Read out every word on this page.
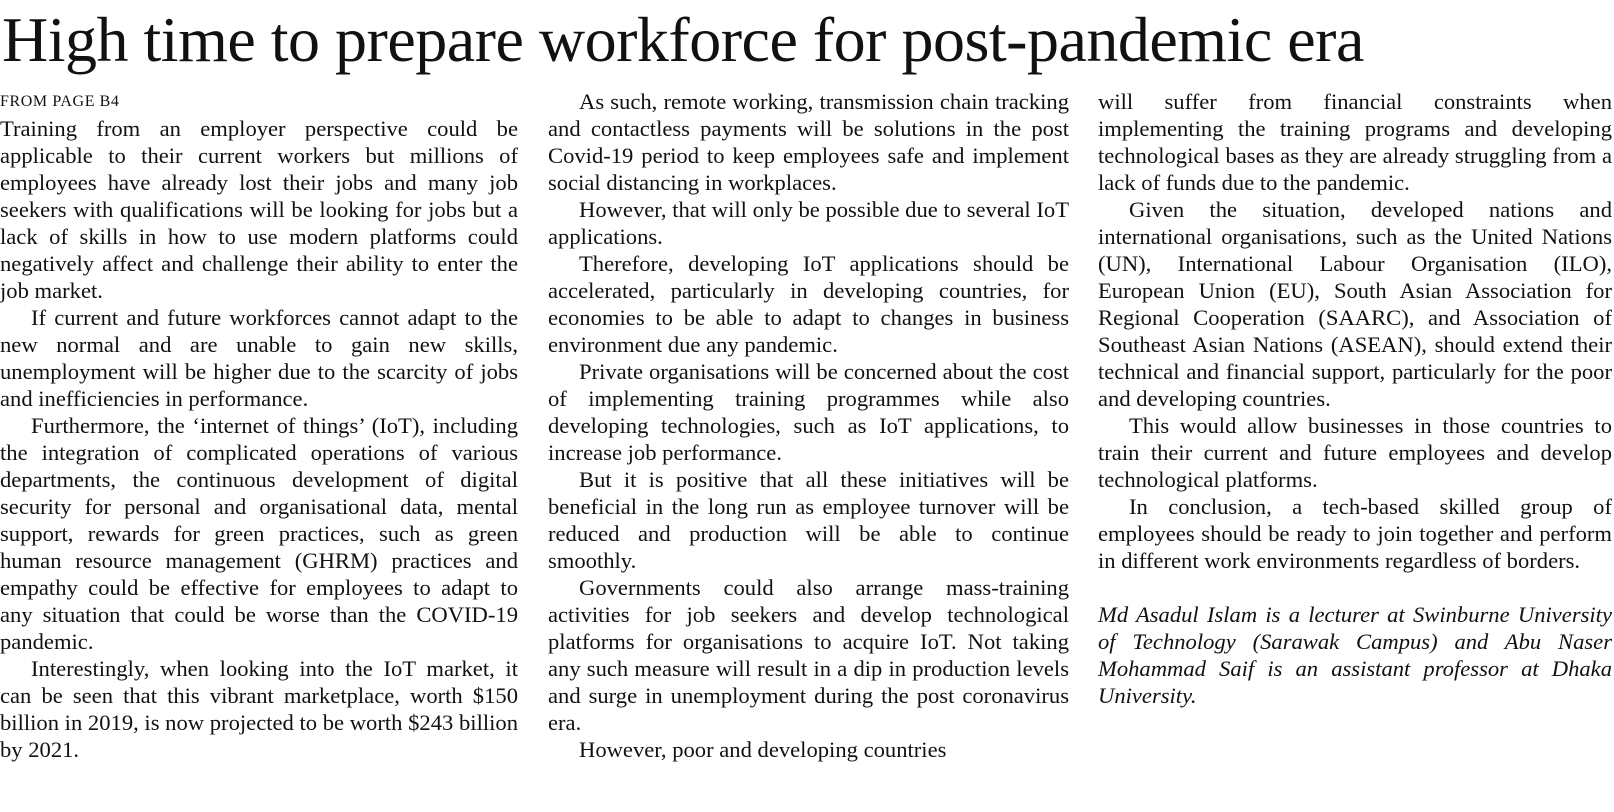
High time to prepare workforce for post-pandemic era
FROM PAGE B4

Training from an employer perspective could be applicable to their current workers but millions of employees have already lost their jobs and many job seekers with qualifications will be looking for jobs but a lack of skills in how to use modern platforms could negatively affect and challenge their ability to enter the job market.

If current and future workforces cannot adapt to the new normal and are unable to gain new skills, unemployment will be higher due to the scarcity of jobs and inefficiencies in performance.

Furthermore, the ‘internet of things’ (IoT), including the integration of complicated operations of various departments, the continuous development of digital security for personal and organisational data, mental support, rewards for green practices, such as green human resource management (GHRM) practices and empathy could be effective for employees to adapt to any situation that could be worse than the COVID-19 pandemic.

Interestingly, when looking into the IoT market, it can be seen that this vibrant marketplace, worth $150 billion in 2019, is now projected to be worth $243 billion by 2021.

As such, remote working, transmission chain tracking and contactless payments will be solutions in the post Covid-19 period to keep employees safe and implement social distancing in workplaces.

However, that will only be possible due to several IoT applications.

Therefore, developing IoT applications should be accelerated, particularly in developing countries, for economies to be able to adapt to changes in business environment due any pandemic.

Private organisations will be concerned about the cost of implementing training programmes while also developing technologies, such as IoT applications, to increase job performance.

But it is positive that all these initiatives will be beneficial in the long run as employee turnover will be reduced and production will be able to continue smoothly.

Governments could also arrange mass-training activities for job seekers and develop technological platforms for organisations to acquire IoT. Not taking any such measure will result in a dip in production levels and surge in unemployment during the post coronavirus era.

However, poor and developing countries

will suffer from financial constraints when implementing the training programs and developing technological bases as they are already struggling from a lack of funds due to the pandemic.

Given the situation, developed nations and international organisations, such as the United Nations (UN), International Labour Organisation (ILO), European Union (EU), South Asian Association for Regional Cooperation (SAARC), and Association of Southeast Asian Nations (ASEAN), should extend their technical and financial support, particularly for the poor and developing countries.

This would allow businesses in those countries to train their current and future employees and develop technological platforms.

In conclusion, a tech-based skilled group of employees should be ready to join together and perform in different work environments regardless of borders.

Md Asadul Islam is a lecturer at Swinburne University of Technology (Sarawak Campus) and Abu Naser Mohammad Saif is an assistant professor at Dhaka University.
